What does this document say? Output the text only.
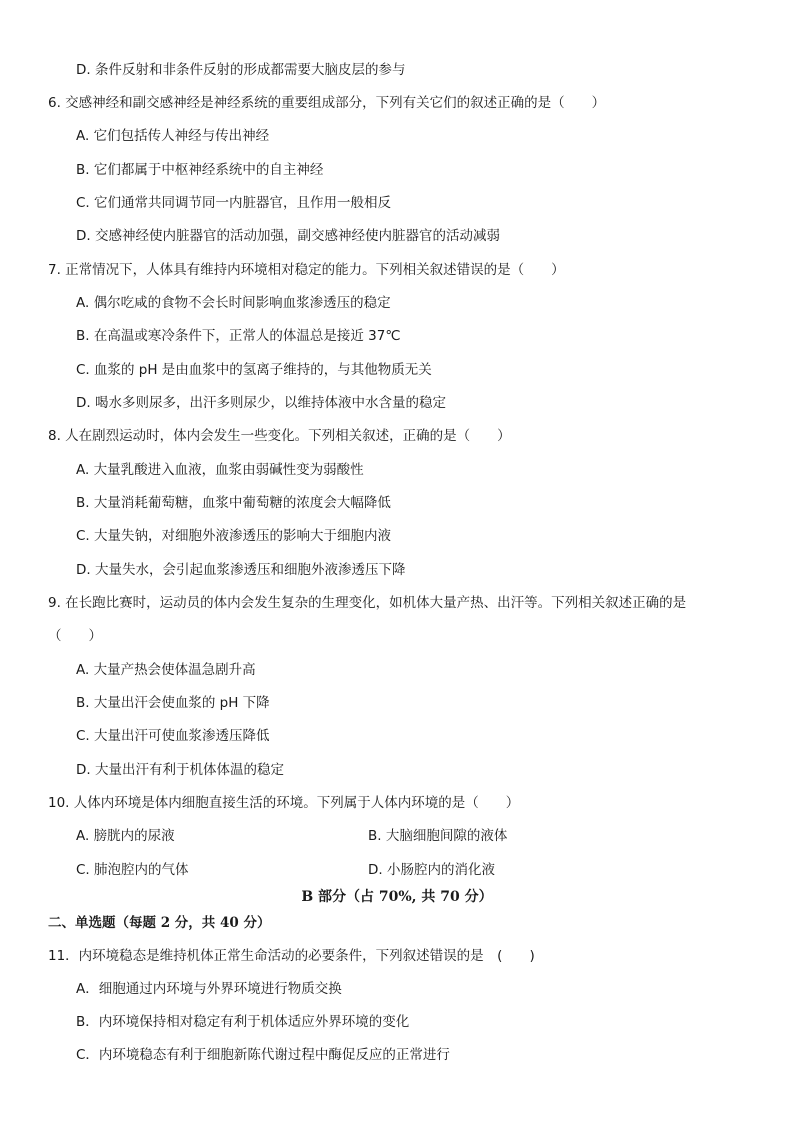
D. 条件反射和非条件反射的形成都需要大脑皮层的参与
6. 交感神经和副交感神经是神经系统的重要组成部分，下列有关它们的叙述正确的是（　　）
A. 它们包括传人神经与传出神经
B. 它们都属于中枢神经系统中的自主神经
C. 它们通常共同调节同一内脏器官，且作用一般相反
D. 交感神经使内脏器官的活动加强，副交感神经使内脏器官的活动减弱
7. 正常情况下，人体具有维持内环境相对稳定的能力。下列相关叙述错误的是（　　）
A. 偶尔吃咸的食物不会长时间影响血浆渗透压的稳定
B. 在高温或寒冷条件下，正常人的体温总是接近 37℃
C. 血浆的 pH 是由血浆中的氢离子维持的，与其他物质无关
D. 喝水多则尿多，出汗多则尿少，以维持体液中水含量的稳定
8. 人在剧烈运动时，体内会发生一些变化。下列相关叙述，正确的是（　　）
A. 大量乳酸进入血液，血浆由弱碱性变为弱酸性
B. 大量消耗葡萄糖，血浆中葡萄糖的浓度会大幅降低
C. 大量失钠，对细胞外液渗透压的影响大于细胞内液
D. 大量失水，会引起血浆渗透压和细胞外液渗透压下降
9. 在长跑比赛时，运动员的体内会发生复杂的生理变化，如机体大量产热、出汗等。下列相关叙述正确的是
（　　）
A. 大量产热会使体温急剧升高
B. 大量出汗会使血浆的 pH 下降
C. 大量出汗可使血浆渗透压降低
D. 大量出汗有利于机体体温的稳定
10. 人体内环境是体内细胞直接生活的环境。下列属于人体内环境的是（　　）
A. 膀胱内的尿液	B. 大脑细胞间隙的液体
C. 肺泡腔内的气体	D. 小肠腔内的消化液
B 部分（占 70%, 共 70 分）
二、单选题（每题 2 分，共 40 分）
11．内环境稳态是维持机体正常生命活动的必要条件，下列叙述错误的是　(　　)
A．细胞通过内环境与外界环境进行物质交换
B．内环境保持相对稳定有利于机体适应外界环境的变化
C．内环境稳态有利于细胞新陈代谢过程中酶促反应的正常进行
